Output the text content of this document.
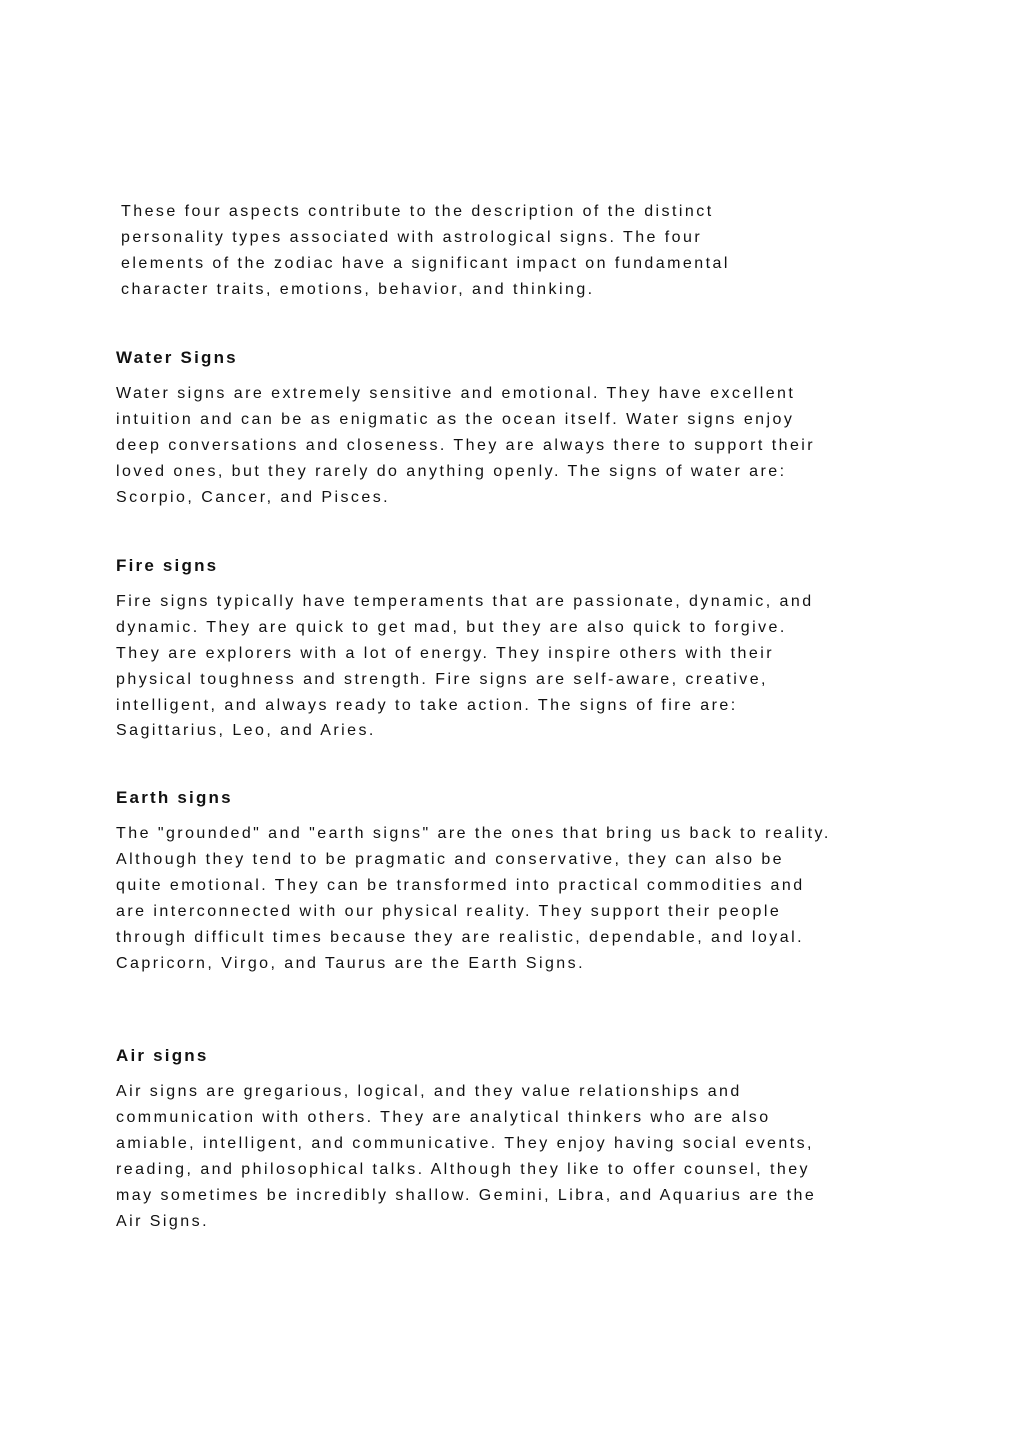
These four aspects contribute to the description of the distinct

personality types associated with astrological signs. The four

elements of the zodiac have a significant impact on fundamental

character traits, emotions, behavior, and thinking.

Water Signs

Water signs are extremely sensitive and emotional. They have excellent

intuition and can be as enigmatic as the ocean itself. Water signs enjoy

deep conversations and closeness. They are always there to support their

loved ones, but they rarely do anything openly. The signs of water are:

Scorpio, Cancer, and Pisces.

Fire signs

Fire signs typically have temperaments that are passionate, dynamic, and

dynamic. They are quick to get mad, but they are also quick to forgive.

They are explorers with a lot of energy. They inspire others with their

physical toughness and strength. Fire signs are self-aware, creative,

intelligent, and always ready to take action. The signs of fire are:

Sagittarius, Leo, and Aries.

Earth signs

The "grounded" and "earth signs" are the ones that bring us back to reality.

Although they tend to be pragmatic and conservative, they can also be

quite emotional. They can be transformed into practical commodities and

are interconnected with our physical reality. They support their people

through difficult times because they are realistic, dependable, and loyal.

Capricorn, Virgo, and Taurus are the Earth Signs.

Air signs

Air signs are gregarious, logical, and they value relationships and

communication with others. They are analytical thinkers who are also

amiable, intelligent, and communicative. They enjoy having social events,

reading, and philosophical talks. Although they like to offer counsel, they

may sometimes be incredibly shallow. Gemini, Libra, and Aquarius are the

Air Signs.
